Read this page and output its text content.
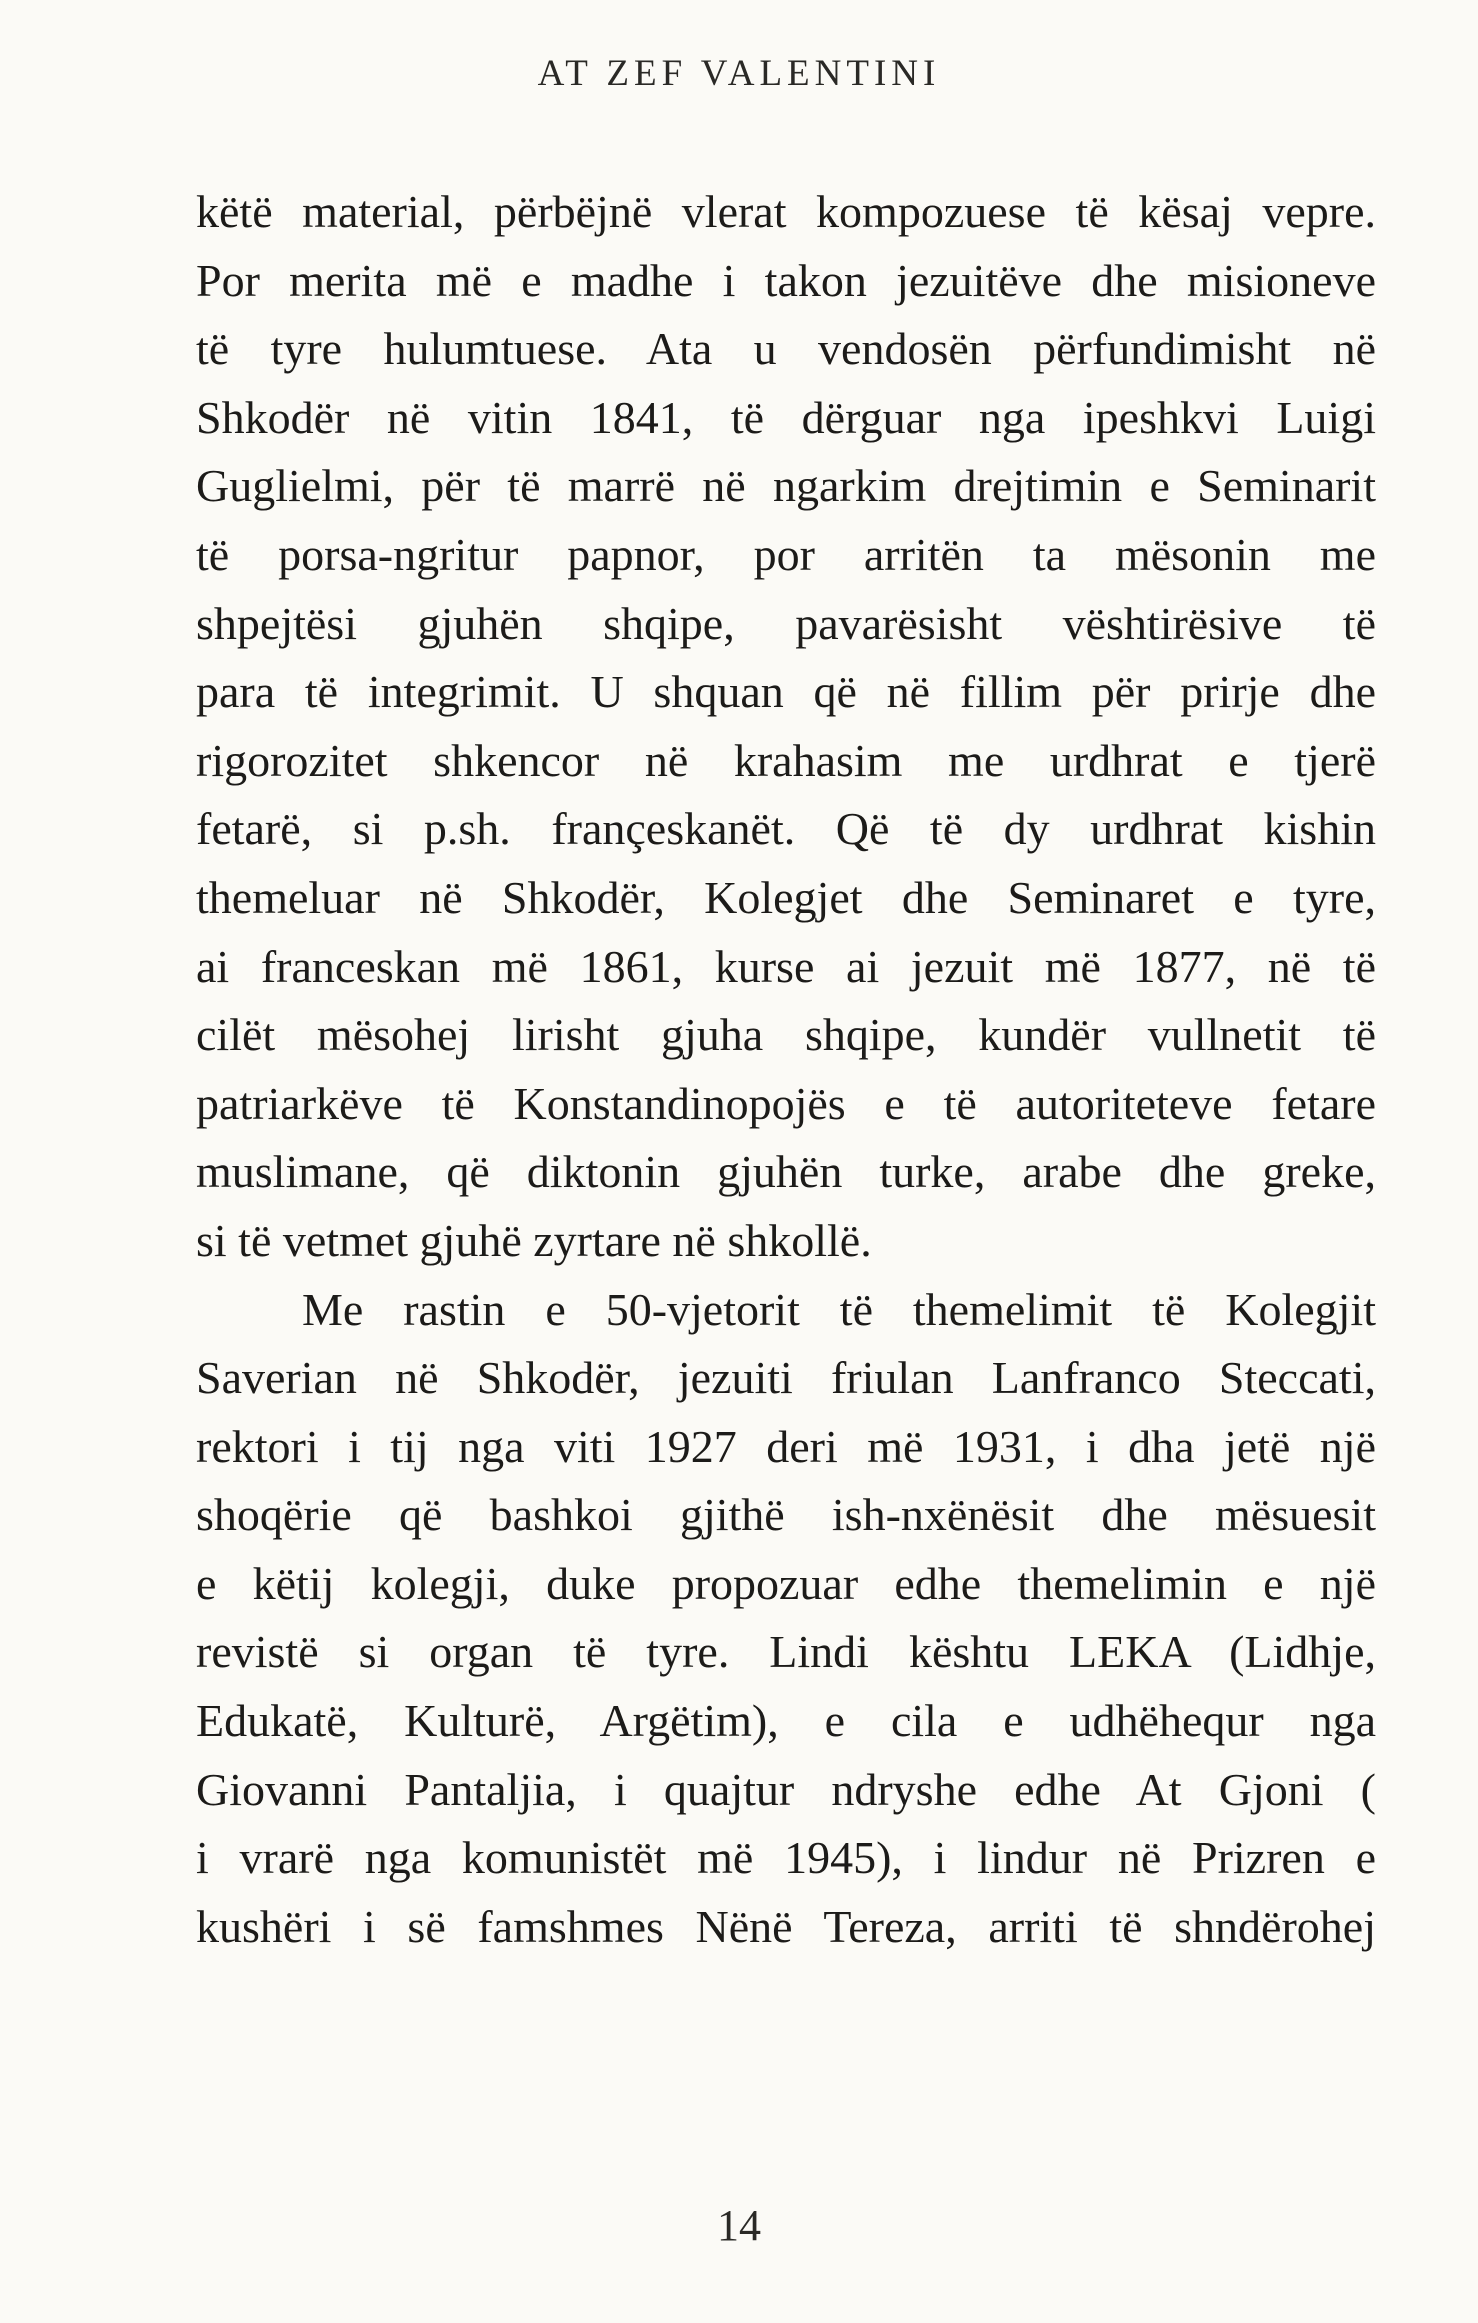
AT ZEF VALENTINI

këtë material, përbëjnë vlerat kompozuese të kësaj vepre.
Por merita më e madhe i takon jezuitëve dhe misioneve
të tyre hulumtuese. Ata u vendosën përfundimisht në
Shkodër në vitin 1841, të dërguar nga ipeshkvi Luigi
Guglielmi, për të marrë në ngarkim drejtimin e Seminarit
të porsa-ngritur papnor, por arritën ta mësonin me
shpejtësi gjuhën shqipe, pavarësisht vështirësive të
para të integrimit. U shquan që në fillim për prirje dhe
rigorozitet shkencor në krahasim me urdhrat e tjerë
fetarë, si p.sh. françeskanët. Që të dy urdhrat kishin
themeluar në Shkodër, Kolegjet dhe Seminaret e tyre,
ai franceskan më 1861, kurse ai jezuit më 1877, në të
cilët mësohej lirisht gjuha shqipe, kundër vullnetit të
patriarkëve të Konstandinopojës e të autoriteteve fetare
muslimane, që diktonin gjuhën turke, arabe dhe greke,
si të vetmet gjuhë zyrtare në shkollë.

Me rastin e 50-vjetorit të themelimit të Kolegjit
Saverian në Shkodër, jezuiti friulan Lanfranco Steccati,
rektori i tij nga viti 1927 deri më 1931, i dha jetë një
shoqërie që bashkoi gjithë ish-nxënësit dhe mësuesit
e këtij kolegji, duke propozuar edhe themelimin e një
revistë si organ të tyre. Lindi kështu LEKA (Lidhje,
Edukatë, Kulturë, Argëtim), e cila e udhëhequr nga
Giovanni Pantaljia, i quajtur ndryshe edhe At Gjoni (
i vrarë nga komunistët më 1945), i lindur në Prizren e
kushëri i së famshmes Nënë Tereza, arriti të shndërohej

14
